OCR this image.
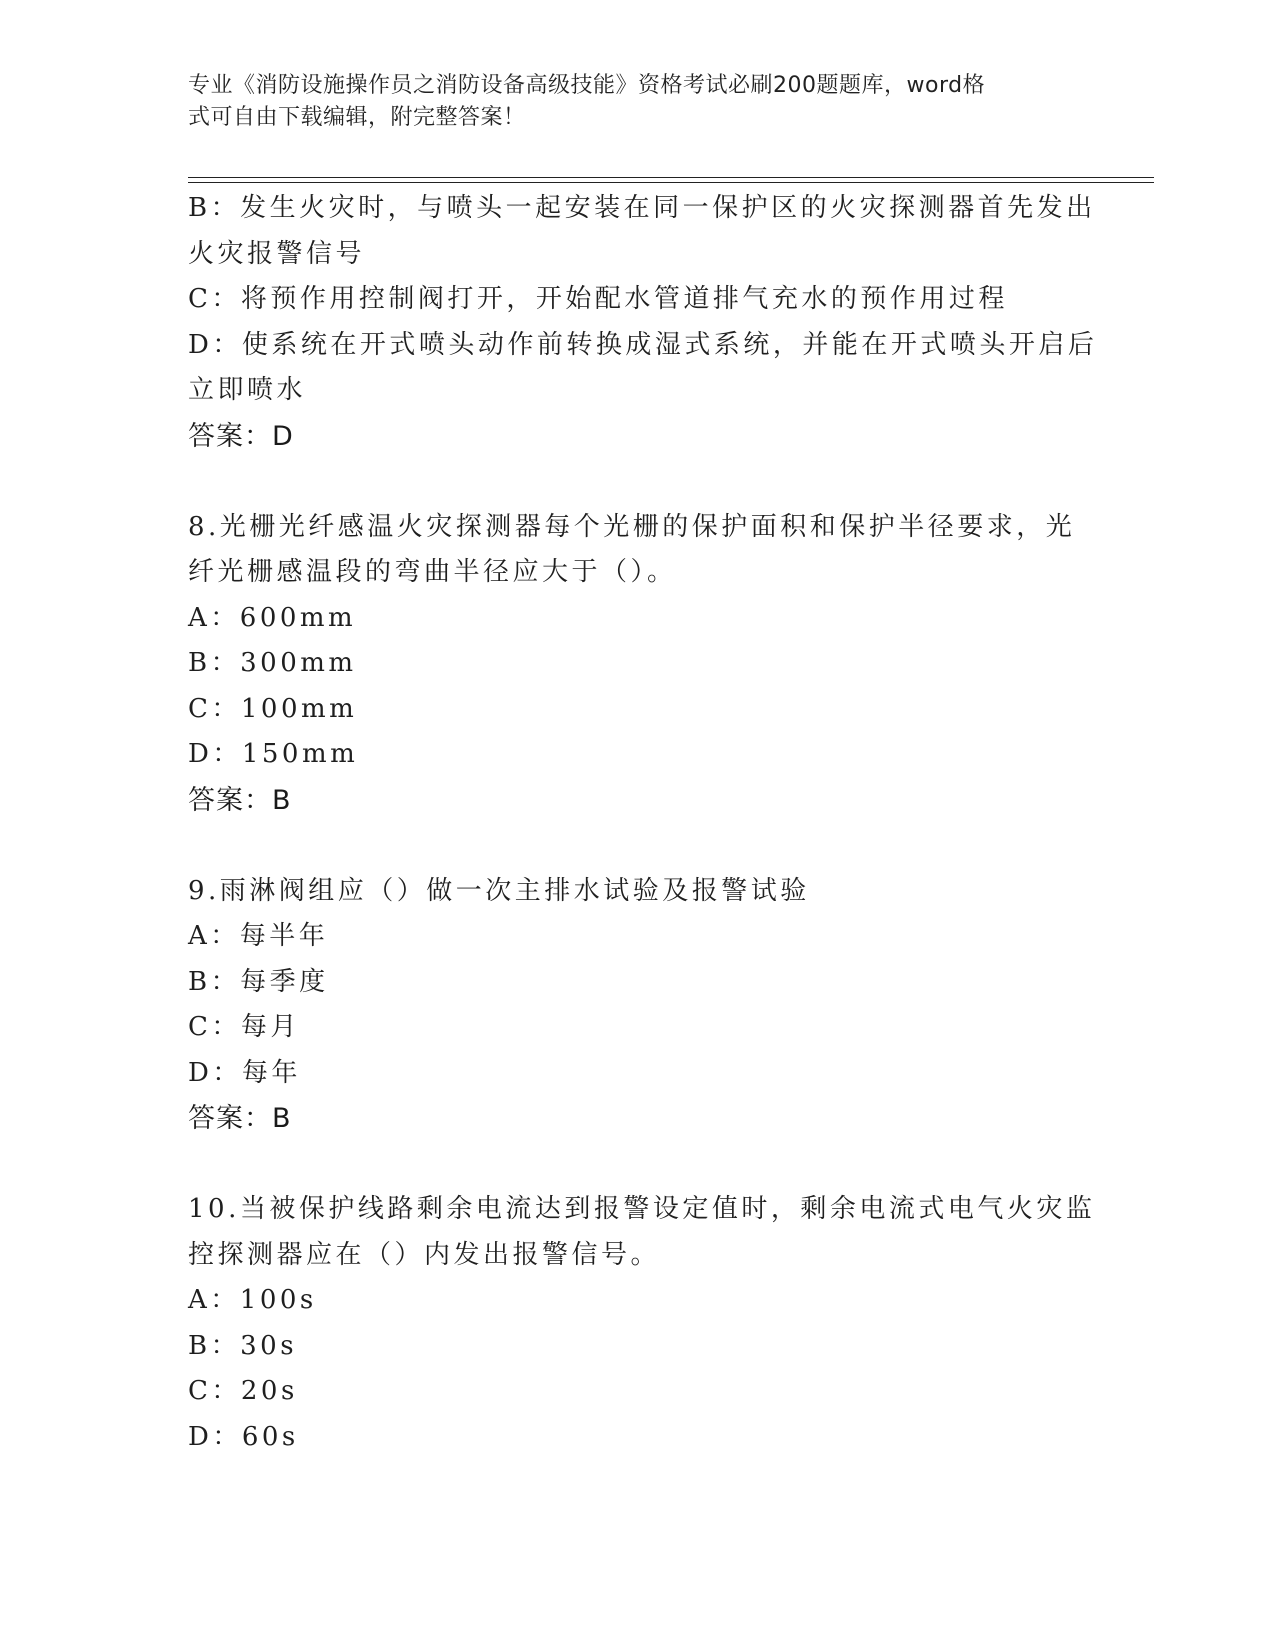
专业《消防设施操作员之消防设备高级技能》资格考试必刷200题题库，word格
式可自由下载编辑，附完整答案！
B：发生火灾时，与喷头一起安装在同一保护区的火灾探测器首先发出
火灾报警信号
C：将预作用控制阀打开，开始配水管道排气充水的预作用过程
D：使系统在开式喷头动作前转换成湿式系统，并能在开式喷头开启后
立即喷水
答案：D
8.光栅光纤感温火灾探测器每个光栅的保护面积和保护半径要求，光
纤光栅感温段的弯曲半径应大于（）。
A：600mm
B：300mm
C：100mm
D：150mm
答案：B
9.雨淋阀组应（）做一次主排水试验及报警试验
A：每半年
B：每季度
C：每月
D：每年
答案：B
10.当被保护线路剩余电流达到报警设定值时，剩余电流式电气火灾监
控探测器应在（）内发出报警信号。
A：100s
B：30s
C：20s
D：60s
